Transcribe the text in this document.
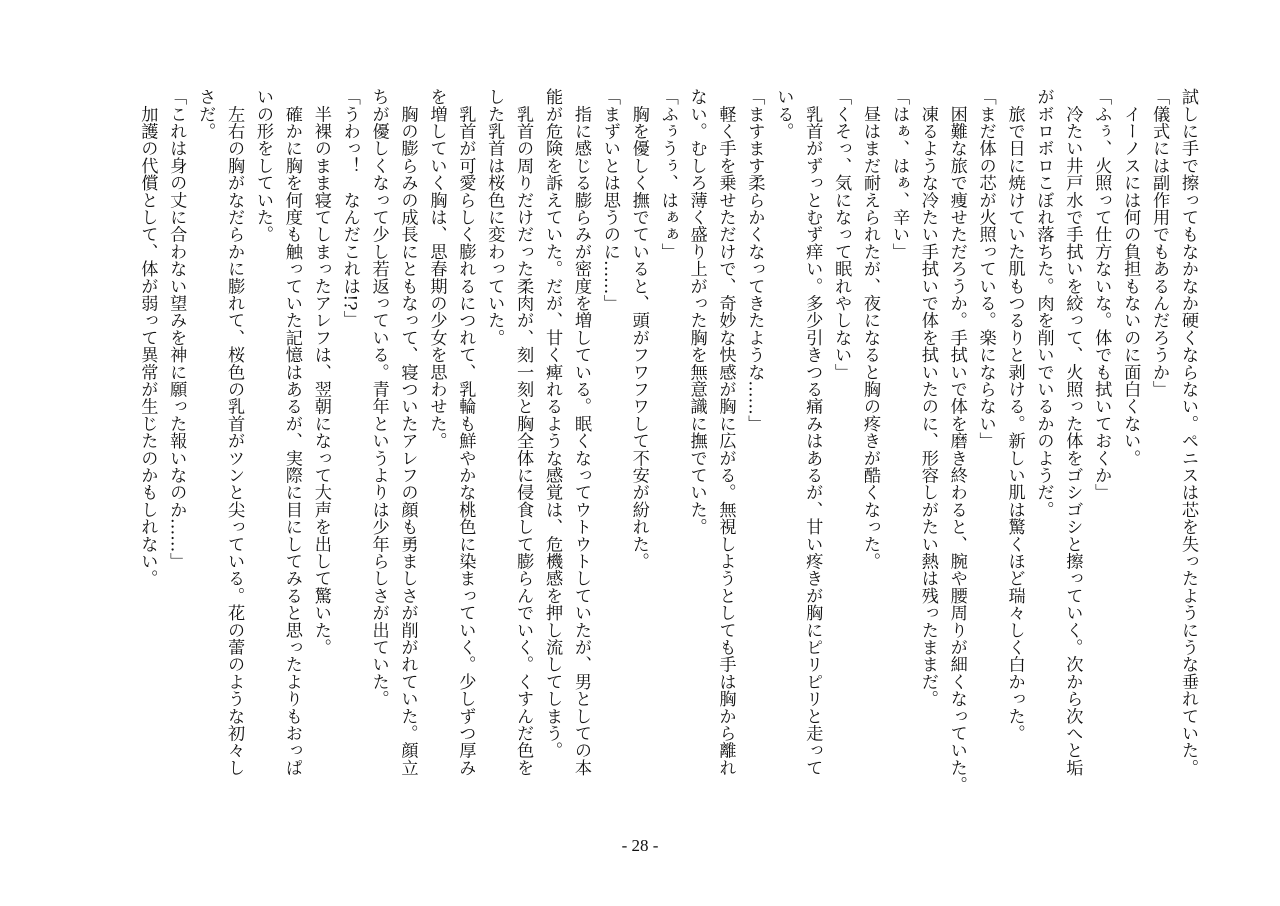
試しに手で擦ってもなかなか硬くならない。ペニスは芯を失ったようにうな垂れていた。
「儀式には副作用でもあるんだろうか」
　イーノスには何の負担もないのに面白くない。
「ふぅ、火照って仕方ないな。体でも拭いておくか」
　冷たい井戸水で手拭いを絞って、火照った体をゴシゴシと擦っていく。次から次へと垢
がボロボロこぼれ落ちた。肉を削いでいるかのようだ。
　旅で日に焼けていた肌もつるりと剥ける。新しい肌は驚くほど瑞々しく白かった。
「まだ体の芯が火照っている。楽にならない」
　困難な旅で痩せただろうか。手拭いで体を磨き終わると、腕や腰周りが細くなっていた。
　凍るような冷たい手拭いで体を拭いたのに、形容しがたい熱は残ったままだ。
「はぁ、はぁ、辛い」
　昼はまだ耐えられたが、夜になると胸の疼きが酷くなった。
「くそっ、気になって眠れやしない」
　乳首がずっとむず痒い。多少引きつる痛みはあるが、甘い疼きが胸にピリピリと走って
いる。
「ますます柔らかくなってきたような……」
　軽く手を乗せただけで、奇妙な快感が胸に広がる。無視しようとしても手は胸から離れ
ない。むしろ薄く盛り上がった胸を無意識に撫でていた。
「ふぅうぅ、はぁぁ」
　胸を優しく撫でていると、頭がフワフワして不安が紛れた。
「まずいとは思うのに……」
　指に感じる膨らみが密度を増している。眠くなってウトウトしていたが、男としての本
能が危険を訴えていた。だが、甘く痺れるような感覚は、危機感を押し流してしまう。
　乳首の周りだけだった柔肉が、刻一刻と胸全体に侵食して膨らんでいく。くすんだ色を
した乳首は桜色に変わっていた。
　乳首が可愛らしく膨れるにつれて、乳輪も鮮やかな桃色に染まっていく。少しずつ厚み
を増していく胸は、思春期の少女を思わせた。
　胸の膨らみの成長にともなって、寝ついたアレフの顔も勇ましさが削がれていた。顔立
ちが優しくなって少し若返っている。青年というよりは少年らしさが出ていた。
「うわっ！　なんだこれは!?」
　半裸のまま寝てしまったアレフは、翌朝になって大声を出して驚いた。
　確かに胸を何度も触っていた記憶はあるが、実際に目にしてみると思ったよりもおっぱ
いの形をしていた。
　左右の胸がなだらかに膨れて、桜色の乳首がツンと尖っている。花の蕾のような初々し
さだ。
「これは身の丈に合わない望みを神に願った報いなのか……」
　加護の代償として、体が弱って異常が生じたのかもしれない。
- 28 -
